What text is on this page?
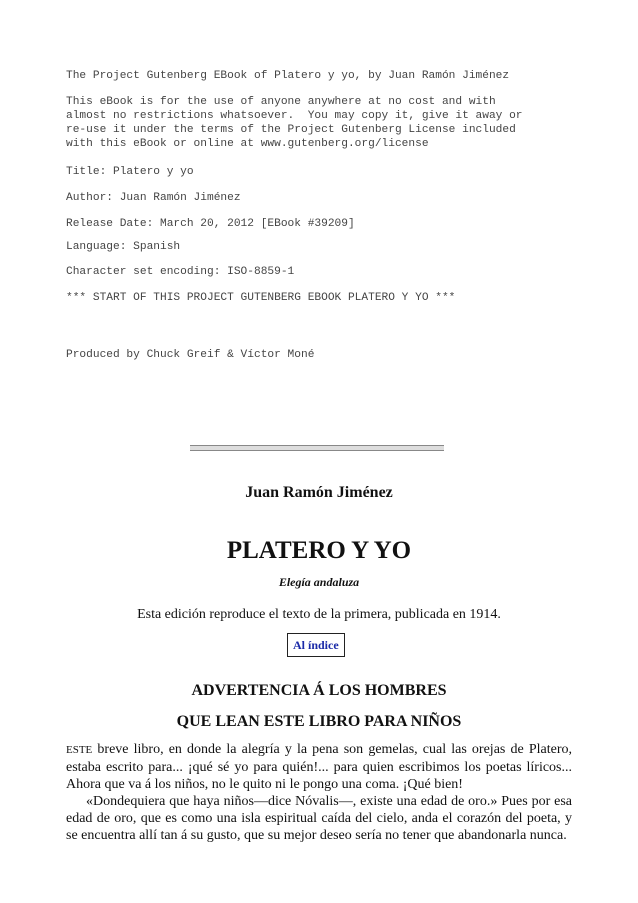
The Project Gutenberg EBook of Platero y yo, by Juan Ramón Jiménez
This eBook is for the use of anyone anywhere at no cost and with
almost no restrictions whatsoever.  You may copy it, give it away or
re-use it under the terms of the Project Gutenberg License included
with this eBook or online at www.gutenberg.org/license
Title: Platero y yo
Author: Juan Ramón Jiménez
Release Date: March 20, 2012 [EBook #39209]
Language: Spanish
Character set encoding: ISO-8859-1
*** START OF THIS PROJECT GUTENBERG EBOOK PLATERO Y YO ***
Produced by Chuck Greif & Víctor Moné
Juan Ramón Jiménez
PLATERO Y YO
Elegía andaluza
Esta edición reproduce el texto de la primera, publicada en 1914.
Al índice
ADVERTENCIA Á LOS HOMBRES
QUE LEAN ESTE LIBRO PARA NIÑOS
ESTE breve libro, en donde la alegría y la pena son gemelas, cual las orejas de Platero, estaba escrito para... ¡qué sé yo para quién!... para quien escribimos los poetas líricos... Ahora que va á los niños, no le quito ni le pongo una coma. ¡Qué bien!
«Dondequiera que haya niños—dice Nóvalis—, existe una edad de oro.» Pues por esa edad de oro, que es como una isla espiritual caída del cielo, anda el corazón del poeta, y se encuentra allí tan á su gusto, que su mejor deseo sería no tener que abandonarla nunca.
